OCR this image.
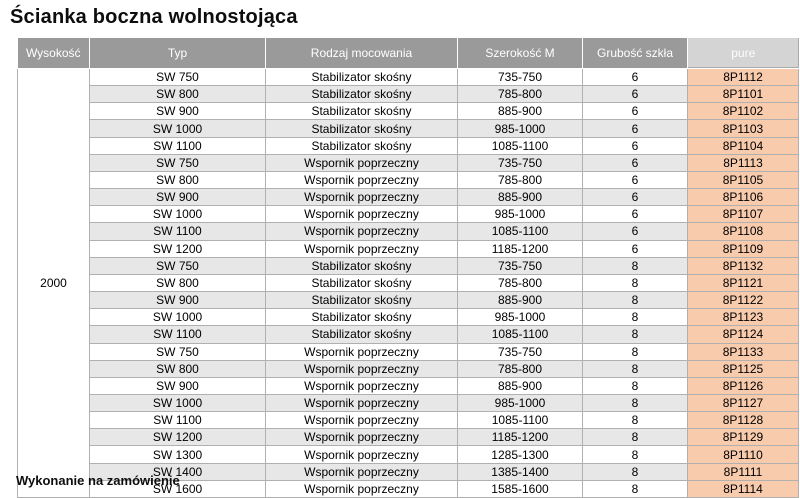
Ścianka boczna wolnostojąca
Wysokość	Typ	Rodzaj mocowania	Szerokość M	Grubość szkła	pure
2000	SW 750	Stabilizator skośny	735-750	6	8P1112
	SW 800	Stabilizator skośny	785-800	6	8P1101
	SW 900	Stabilizator skośny	885-900	6	8P1102
	SW 1000	Stabilizator skośny	985-1000	6	8P1103
	SW 1100	Stabilizator skośny	1085-1100	6	8P1104
	SW 750	Wspornik poprzeczny	735-750	6	8P1113
	SW 800	Wspornik poprzeczny	785-800	6	8P1105
	SW 900	Wspornik poprzeczny	885-900	6	8P1106
	SW 1000	Wspornik poprzeczny	985-1000	6	8P1107
	SW 1100	Wspornik poprzeczny	1085-1100	6	8P1108
	SW 1200	Wspornik poprzeczny	1185-1200	6	8P1109
	SW 750	Stabilizator skośny	735-750	8	8P1132
	SW 800	Stabilizator skośny	785-800	8	8P1121
	SW 900	Stabilizator skośny	885-900	8	8P1122
	SW 1000	Stabilizator skośny	985-1000	8	8P1123
	SW 1100	Stabilizator skośny	1085-1100	8	8P1124
	SW 750	Wspornik poprzeczny	735-750	8	8P1133
	SW 800	Wspornik poprzeczny	785-800	8	8P1125
	SW 900	Wspornik poprzeczny	885-900	8	8P1126
	SW 1000	Wspornik poprzeczny	985-1000	8	8P1127
	SW 1100	Wspornik poprzeczny	1085-1100	8	8P1128
	SW 1200	Wspornik poprzeczny	1185-1200	8	8P1129
	SW 1300	Wspornik poprzeczny	1285-1300	8	8P1110
	SW 1400	Wspornik poprzeczny	1385-1400	8	8P1111
	SW 1600	Wspornik poprzeczny	1585-1600	8	8P1114
Wykonanie na zamówienie
